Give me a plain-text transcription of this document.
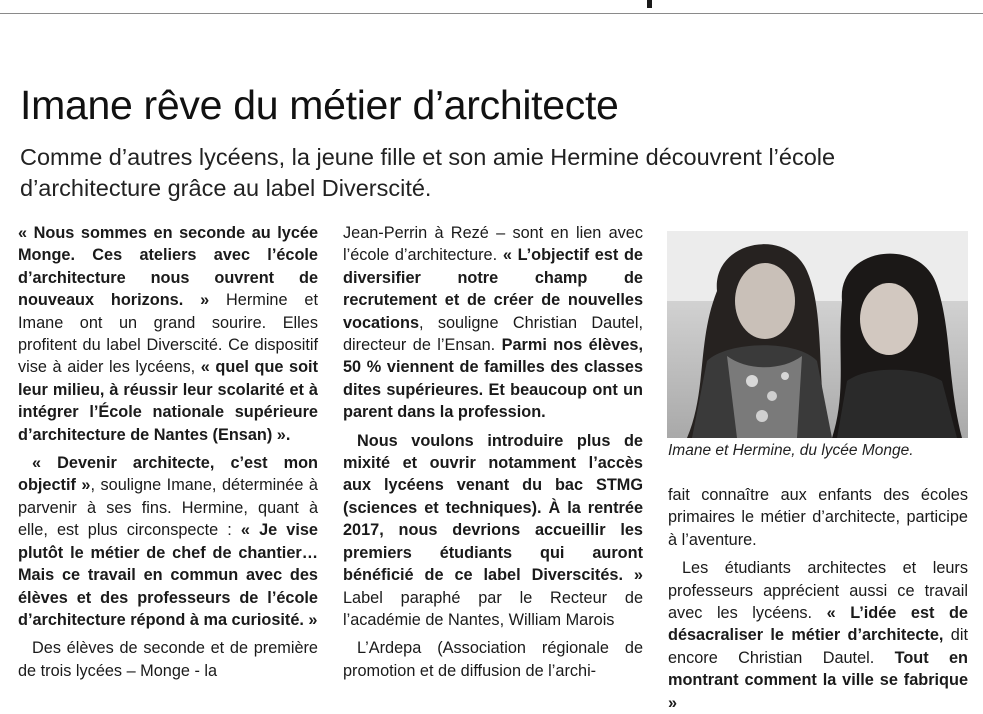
Imane rêve du métier d’architecte

Comme d’autres lycéens, la jeune fille et son amie Hermine découvrent l’école d’architecture grâce au label Diverscité.

« Nous sommes en seconde au lycée Monge. Ces ateliers avec l’école d’architecture nous ouvrent de nouveaux horizons. » Hermine et Imane ont un grand sourire. Elles profitent du label Diverscité. Ce dispositif vise à aider les lycéens, « quel que soit leur milieu, à réussir leur scolarité et à intégrer l’École nationale supérieure d’architecture de Nantes (Ensan) ».

« Devenir architecte, c’est mon objectif », souligne Imane, déterminée à parvenir à ses fins. Hermine, quant à elle, est plus circonspecte : « Je vise plutôt le métier de chef de chantier… Mais ce travail en commun avec des élèves et des professeurs de l’école d’architecture répond à ma curiosité. »

Des élèves de seconde et de première de trois lycées – Monge - la

Jean-Perrin à Rezé – sont en lien avec l’école d’architecture. « L’objectif est de diversifier notre champ de recrutement et de créer de nouvelles vocations, souligne Christian Dautel, directeur de l’Ensan. Parmi nos élèves, 50 % viennent de familles des classes dites supérieures. Et beaucoup ont un parent dans la profession.

Nous voulons introduire plus de mixité et ouvrir notamment l’accès aux lycéens venant du bac STMG (sciences et techniques). À la rentrée 2017, nous devrions accueillir les premiers étudiants qui auront bénéficié de ce label Diverscités. » Label paraphé par le Recteur de l’académie de Nantes, William Marois

L’Ardepa (Association régionale de promotion et de diffusion de l’archi-

Imane et Hermine, du lycée Monge.

fait connaître aux enfants des écoles primaires le métier d’architecte, participe à l’aventure.

Les étudiants architectes et leurs professeurs apprécient aussi ce travail avec les lycéens. « L’idée est de désacraliser le métier d’architecte, dit encore Christian Dautel. Tout en montrant comment la ville se fabrique »
